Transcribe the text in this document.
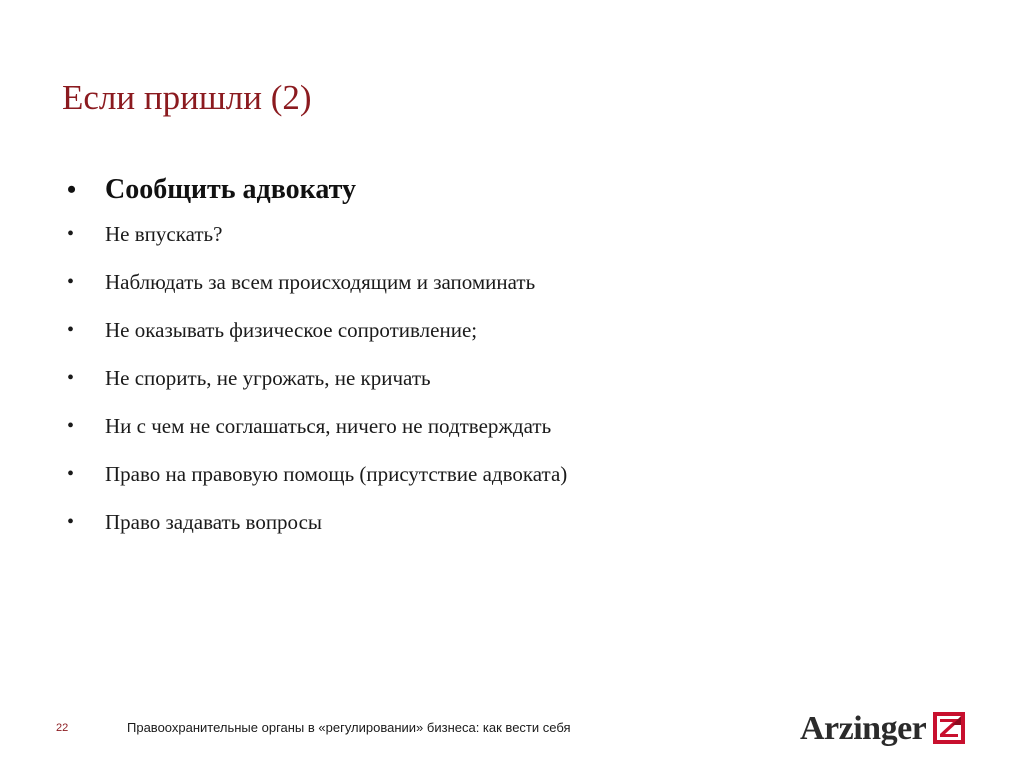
Если пришли (2)
• Сообщить адвокату
• Не впускать?
• Наблюдать за всем происходящим и запоминать
• Не оказывать физическое сопротивление;
• Не спорить, не угрожать, не кричать
• Ни с чем не соглашаться, ничего не подтверждать
• Право на правовую помощь (присутствие адвоката)
• Право задавать вопросы
22	Правоохранительные органы в «регулировании» бизнеса: как вести себя	Arzinger
